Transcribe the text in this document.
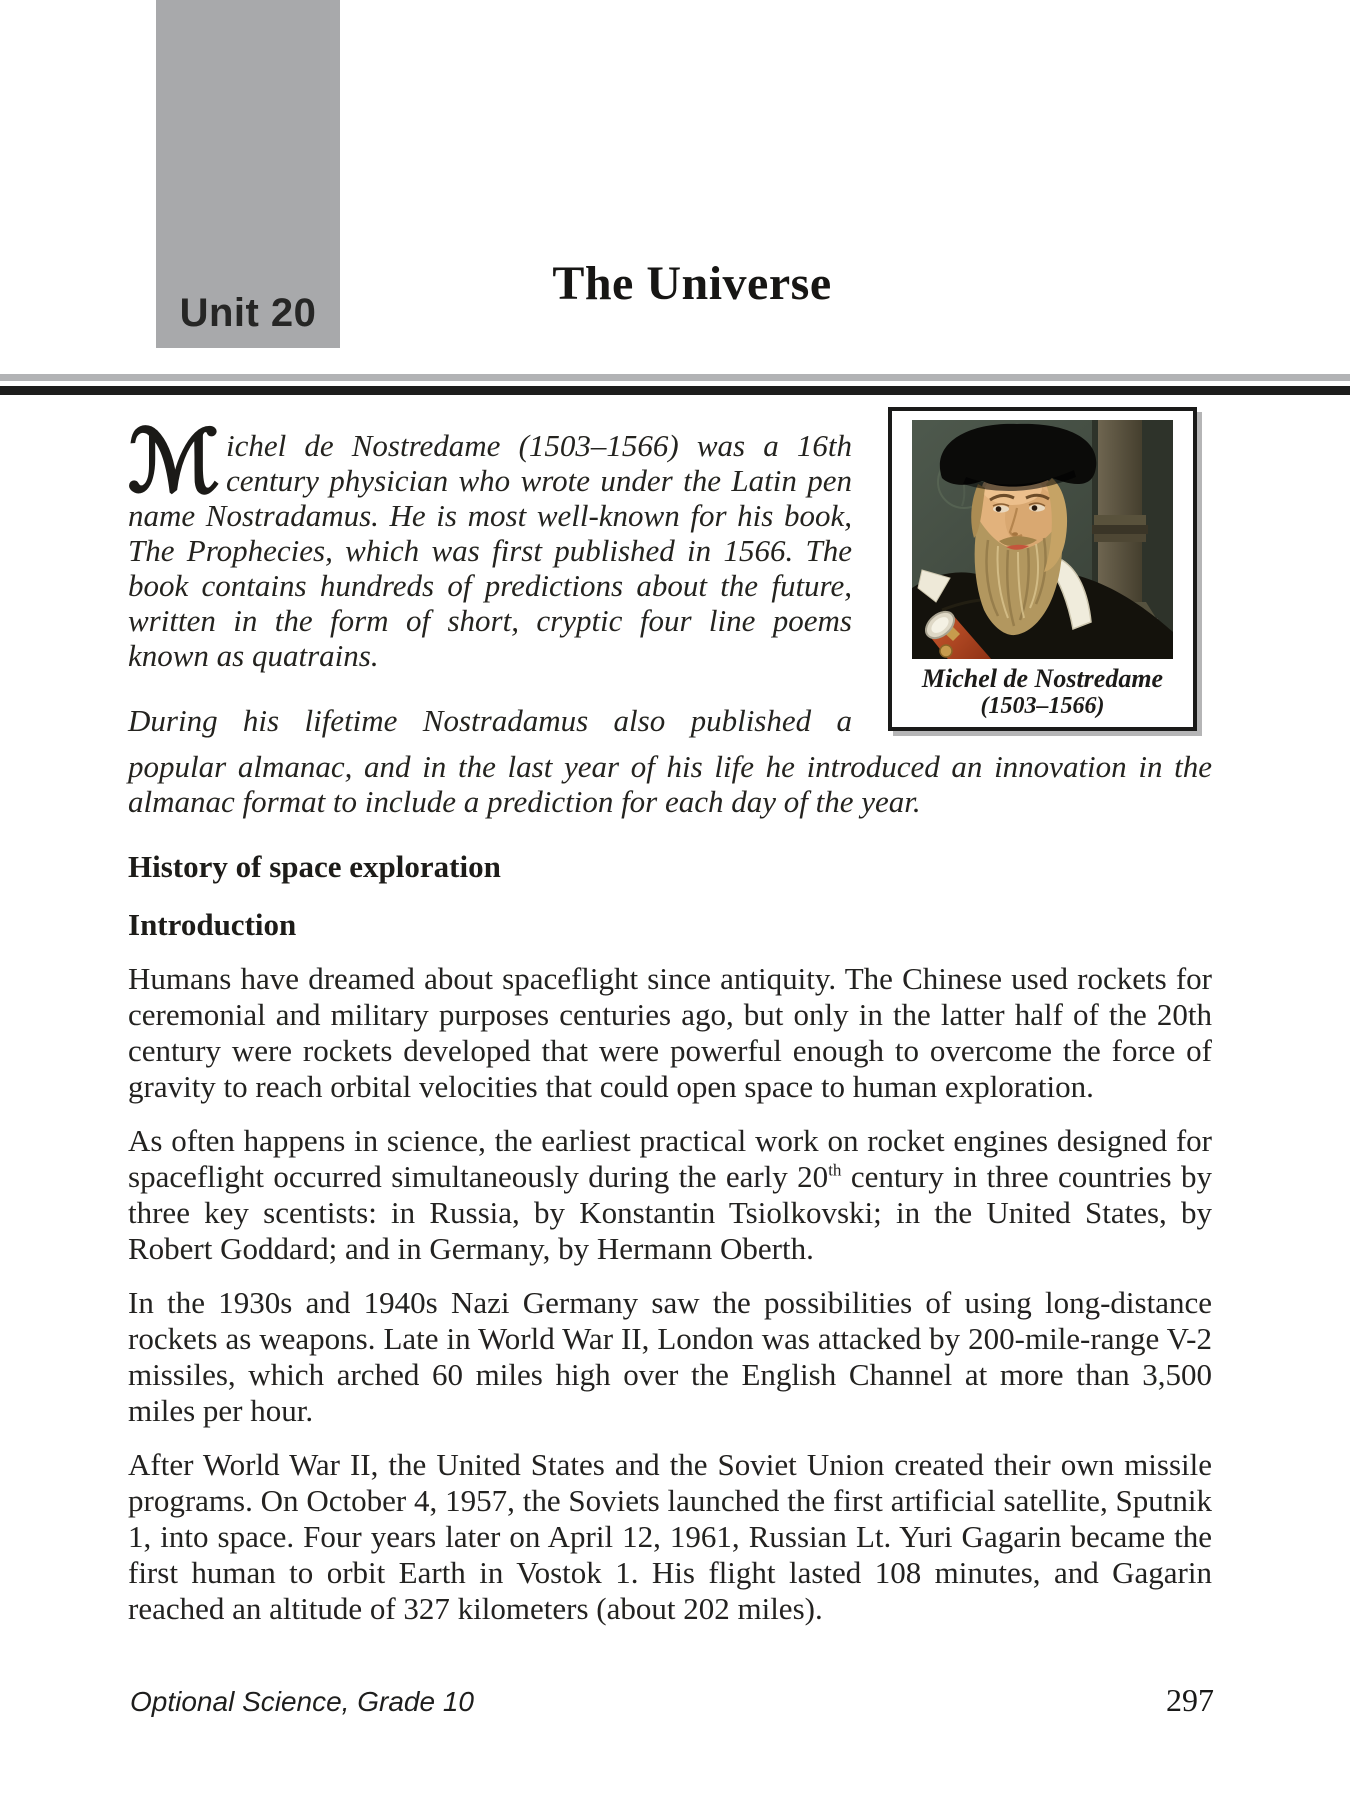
Unit 20
The Universe
Michel de Nostredame
(1503–1566)

ℳichel de Nostredame (1503–1566) was a 16th century physician who wrote under the Latin pen name Nostradamus. He is most well-known for his book, The Prophecies, which was first published in 1566. The book contains hundreds of predictions about the future, written in the form of short, cryptic four line poems known as quatrains.

During his lifetime Nostradamus also published a

popular almanac, and in the last year of his life he introduced an innovation in the almanac format to include a prediction for each day of the year.

History of space exploration
Introduction

Humans have dreamed about spaceflight since antiquity. The Chinese used rockets for ceremonial and military purposes centuries ago, but only in the latter half of the 20th century were rockets developed that were powerful enough to overcome the force of gravity to reach orbital velocities that could open space to human exploration.

As often happens in science, the earliest practical work on rocket engines designed for spaceflight occurred simultaneously during the early 20th century in three countries by three key scentists: in Russia, by Konstantin Tsiolkovski; in the United States, by Robert Goddard; and in Germany, by Hermann Oberth.

In the 1930s and 1940s Nazi Germany saw the possibilities of using long-distance rockets as weapons. Late in World War II, London was attacked by 200-mile-range V-2 missiles, which arched 60 miles high over the English Channel at more than 3,500 miles per hour.

After World War II, the United States and the Soviet Union created their own missile programs. On October 4, 1957, the Soviets launched the first artificial satellite, Sputnik 1, into space. Four years later on April 12, 1961, Russian Lt. Yuri Gagarin became the first human to orbit Earth in Vostok 1. His flight lasted 108 minutes, and Gagarin reached an altitude of 327 kilometers (about 202 miles).

Optional Science, Grade 10	297
